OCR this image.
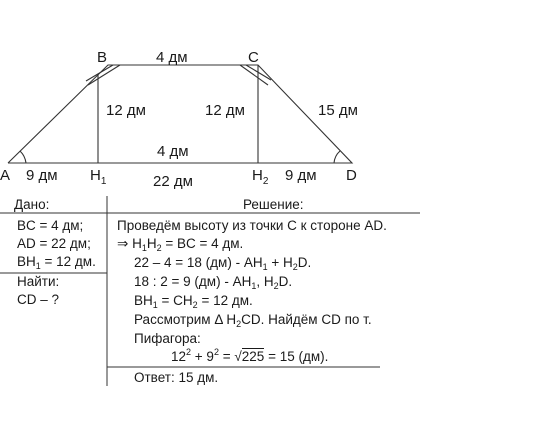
B	C
A	D
$H_1$	$H_2$
4 дм
12 дм	12 дм	15 дм
4 дм
22 дм
9 дм	9 дм
Дано:
BC = 4 дм;
AD = 22 дм;
$BH_1 = 12$ дм.
Найти:
CD – ?
Решение:
Проведём высоту из точки C к стороне AD.
⇒ $H_1H_2$ = BC = 4 дм.
22 – 4 = 18 $(дм) - AH_1 + H_2D$.
18 : 2 = 9 $(дм) - AH_1$, $H_2D$.
$BH_1 = CH_2 = 12$ дм.
Рассмотрим Δ $H_2CD$. Найдём CD по т.
Пифагора:
$12^2 + 9^2 = √225 = 15$ (дм).
Ответ: 15 дм.
